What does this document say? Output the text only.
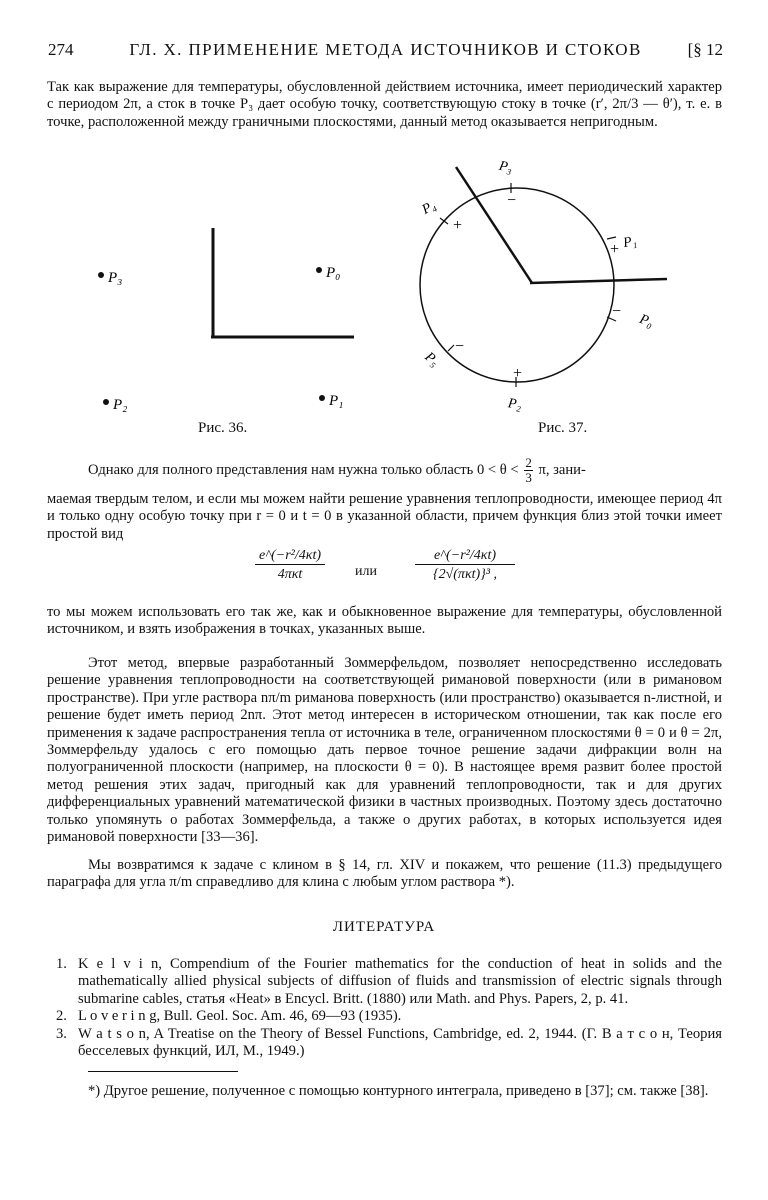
274	ГЛ. X. ПРИМЕНЕНИЕ МЕТОДА ИСТОЧНИКОВ И СТОКОВ	[§ 12
Так как выражение для температуры, обусловленной действием источника, имеет периодический характер с периодом 2π, а сток в точке P₃ дает особую точку, соответствующую стоку в точке (r′, 2π/3 — θ′), т. е. в точке, расположенной между граничными плоскостями, данный метод оказывается непригодным.
P₃	P₀
P₂	P₁
P₃
P₄
P₁
P₀
P₅
P₂
−
+
+
−
−
+
Рис. 36.	Рис. 37.
Однако для полного представления нам нужна только область $0 < \theta < \frac{2}{3} \pi$, зани-
маемая твердым телом, и если мы можем найти решение уравнения теплопроводности, имеющее период 4π и только одну особую точку при r = 0 и t = 0 в указанной области, причем функция близ этой точки имеет простой вид
e^(−r²/4κt)
4πκt	или
e^(−r²/4κt)
{2√(πκt)}³ ,
то мы можем использовать его так же, как и обыкновенное выражение для температуры, обусловленной источником, и взять изображения в точках, указанных выше.
Этот метод, впервые разработанный Зоммерфельдом, позволяет непосредственно исследовать решение уравнения теплопроводности на соответствующей римановой поверхности (или в римановом пространстве). При угле раствора nπ/m риманова поверхность (или пространство) оказывается n-листной, и решение будет иметь период 2nπ. Этот метод интересен в историческом отношении, так как после его применения к задаче распространения тепла от источника в теле, ограниченном плоскостями θ = 0 и θ = 2π, Зоммерфельду удалось с его помощью дать первое точное решение задачи дифракции волн на полуограниченной плоскости (например, на плоскости θ = 0). В настоящее время развит более простой метод решения этих задач, пригодный как для уравнений теплопроводности, так и для других дифференциальных уравнений математической физики в частных производных. Поэтому здесь достаточно только упомянуть о работах Зоммерфельда, а также о других работах, в которых используется идея римановой поверхности [33—36].
Мы возвратимся к задаче с клином в § 14, гл. XIV и покажем, что решение (11.3) предыдущего параграфа для угла π/m справедливо для клина с любым углом раствора *).
ЛИТЕРАТУРА
1. K e l v i n, Compendium of the Fourier mathematics for the conduction of heat in solids and the mathematically allied physical subjects of diffusion of fluids and transmission of electric signals through submarine cables, статья «Heat» в Encycl. Britt. (1880) или Math. and Phys. Papers, 2, p. 41.
2. L o v e r i n g, Bull. Geol. Soc. Am. 46, 69—93 (1935).
3. W a t s o n, A Treatise on the Theory of Bessel Functions, Cambridge, ed. 2, 1944. (Г. В а т с о н, Теория бесселевых функций, ИЛ, М., 1949.)
*) Другое решение, полученное с помощью контурного интеграла, приведено в [37]; см. также [38].
